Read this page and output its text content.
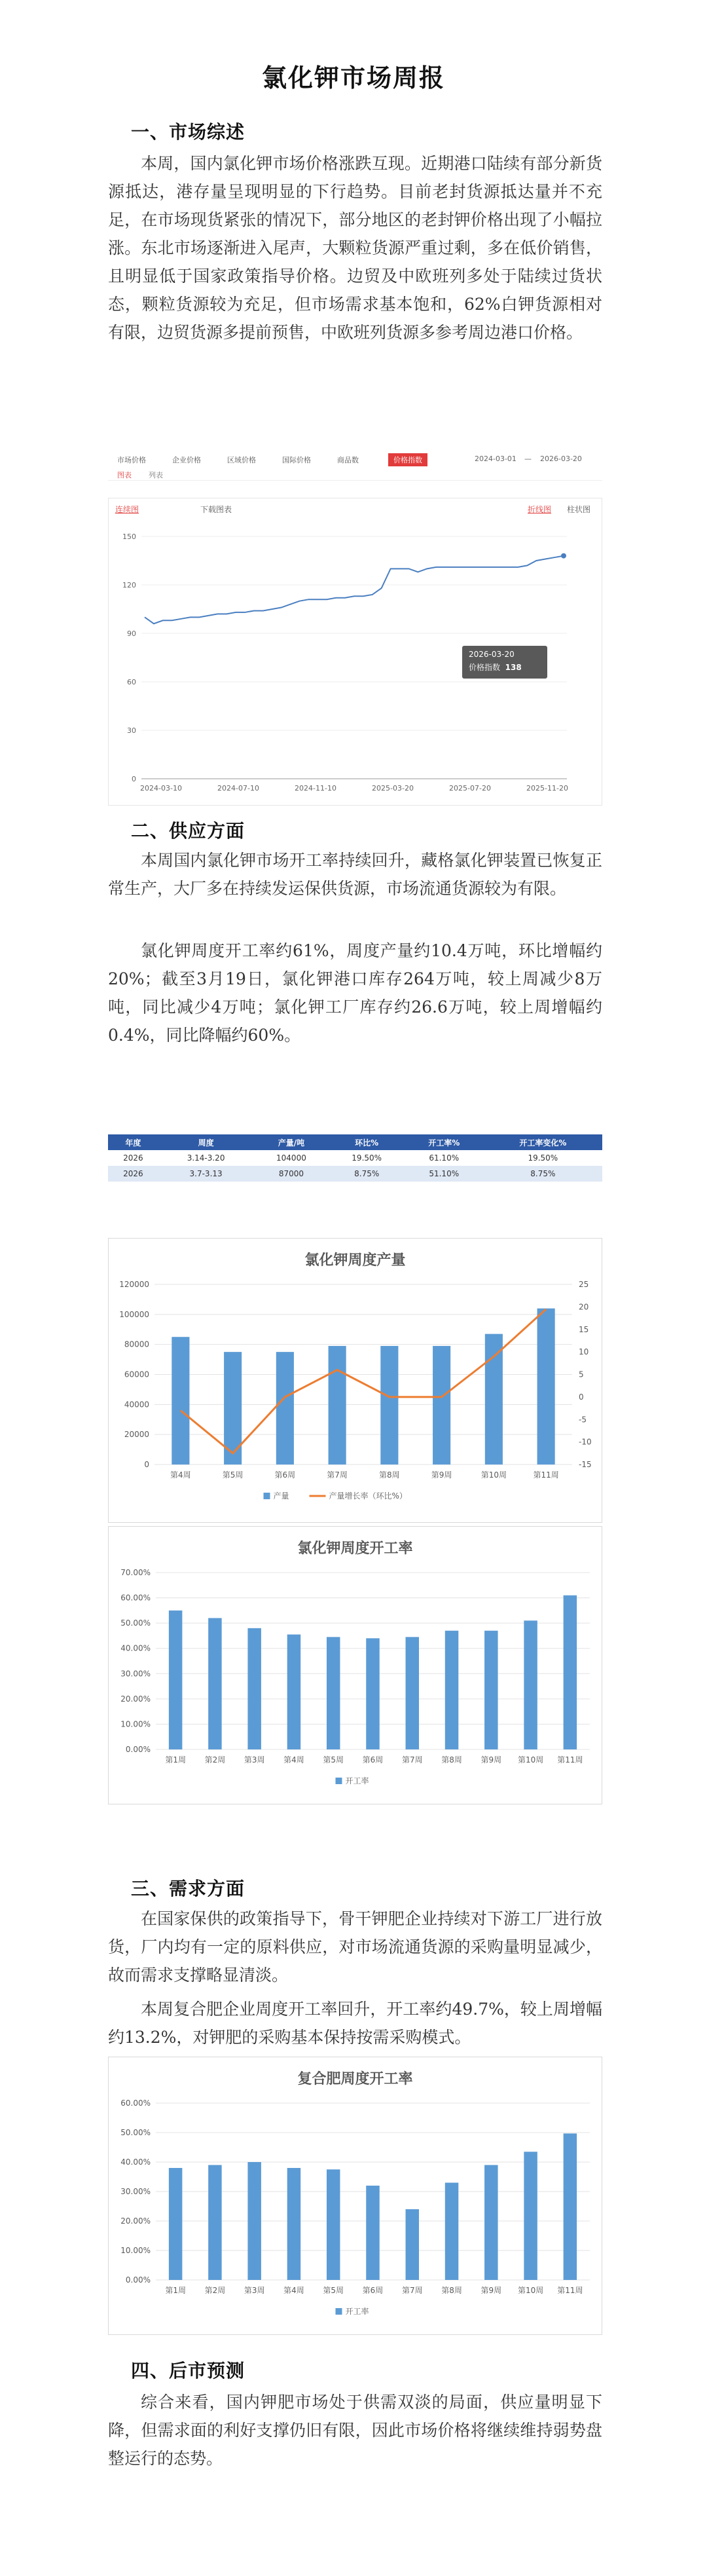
氯化钾市场周报
一、市场综述
本周，国内氯化钾市场价格涨跌互现。近期港口陆续有部分新货源抵达，港存量呈现明显的下行趋势。目前老封货源抵达量并不充足，在市场现货紧张的情况下，部分地区的老封钾价格出现了小幅拉涨。东北市场逐渐进入尾声，大颗粒货源严重过剩，多在低价销售，且明显低于国家政策指导价格。边贸及中欧班列多处于陆续过货状态，颗粒货源较为充足，但市场需求基本饱和，62%白钾货源相对有限，边贸货源多提前预售，中欧班列货源多参考周边港口价格。
市场价格	企业价格	区域价格	国际价格	商品数	价格指数	2024-03-01 — 2026-03-20
图表 列表
连续图	下载图表	折线图 柱状图
0
30
60
90
120
150
2024-03-10	2024-07-10	2024-11-10	2025-03-20	2025-07-20	2025-11-20
2026-03-20
价格指数 138
二、供应方面
本周国内氯化钾市场开工率持续回升，藏格氯化钾装置已恢复正常生产，大厂多在持续发运保供货源，市场流通货源较为有限。
氯化钾周度开工率约61%，周度产量约10.4万吨，环比增幅约20%；截至3月19日，氯化钾港口库存264万吨，较上周减少8万吨，同比减少4万吨；氯化钾工厂库存约26.6万吨，较上周增幅约0.4%，同比降幅约60%。
年度	周度	产量/吨	环比%	开工率%	开工率变化%
2026	3.14-3.20	104000	19.50%	61.10%	19.50%
2026	3.7-3.13	87000	8.75%	51.10%	8.75%
氯化钾周度产量
0
20000
40000
60000
80000
100000
120000
第4周	第5周	第6周	第7周	第8周	第9周	第10周	第11周
-15
-10
-5
0
5
10
15
20
25
产量	产量增长率（环比%）
氯化钾周度开工率
0.00%
10.00%
20.00%
30.00%
40.00%
50.00%
60.00%
70.00%
第1周 第2周 第3周 第4周 第5周 第6周 第7周 第8周 第9周 第10周 第11周
开工率
三、需求方面
在国家保供的政策指导下，骨干钾肥企业持续对下游工厂进行放货，厂内均有一定的原料供应，对市场流通货源的采购量明显减少，故而需求支撑略显清淡。
本周复合肥企业周度开工率回升，开工率约49.7%，较上周增幅约13.2%，对钾肥的采购基本保持按需采购模式。
复合肥周度开工率
0.00%
10.00%
20.00%
30.00%
40.00%
50.00%
60.00%
第1周 第2周 第3周 第4周 第5周 第6周 第7周 第8周 第9周 第10周 第11周
开工率
四、后市预测
综合来看，国内钾肥市场处于供需双淡的局面，供应量明显下降，但需求面的利好支撑仍旧有限，因此市场价格将继续维持弱势盘整运行的态势。
